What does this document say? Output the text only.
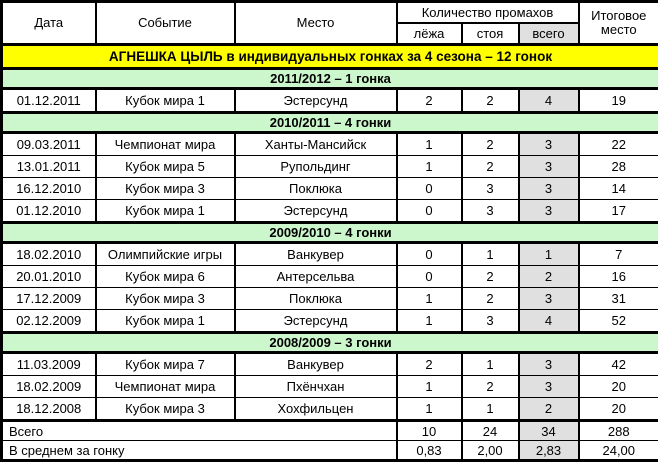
Дата	Событие	Место	Количество промахов			Итоговое место
			лёжа	стоя	всего	
АГНЕШКА ЦЫЛЬ в индивидуальных гонках за 4 сезона – 12 гонок						
2011/2012 – 1 гонка						
01.12.2011	Кубок мира 1	Эстерсунд	2	2	4	19
2010/2011 – 4 гонки						
09.03.2011	Чемпионат мира	Ханты-Мансийск	1	2	3	22
13.01.2011	Кубок мира 5	Рупольдинг	1	2	3	28
16.12.2010	Кубок мира 3	Поклюка	0	3	3	14
01.12.2010	Кубок мира 1	Эстерсунд	0	3	3	17
2009/2010 – 4 гонки						
18.02.2010	Олимпийские игры	Ванкувер	0	1	1	7
20.01.2010	Кубок мира 6	Антерсельва	0	2	2	16
17.12.2009	Кубок мира 3	Поклюка	1	2	3	31
02.12.2009	Кубок мира 1	Эстерсунд	1	3	4	52
2008/2009 – 3 гонки						
11.03.2009	Кубок мира 7	Ванкувер	2	1	3	42
18.02.2009	Чемпионат мира	Пхёнчхан	1	2	3	20
18.12.2008	Кубок мира 3	Хохфильцен	1	1	2	20
Всего			10	24	34	288
В среднем за гонку			0,83	2,00	2,83	24,00
